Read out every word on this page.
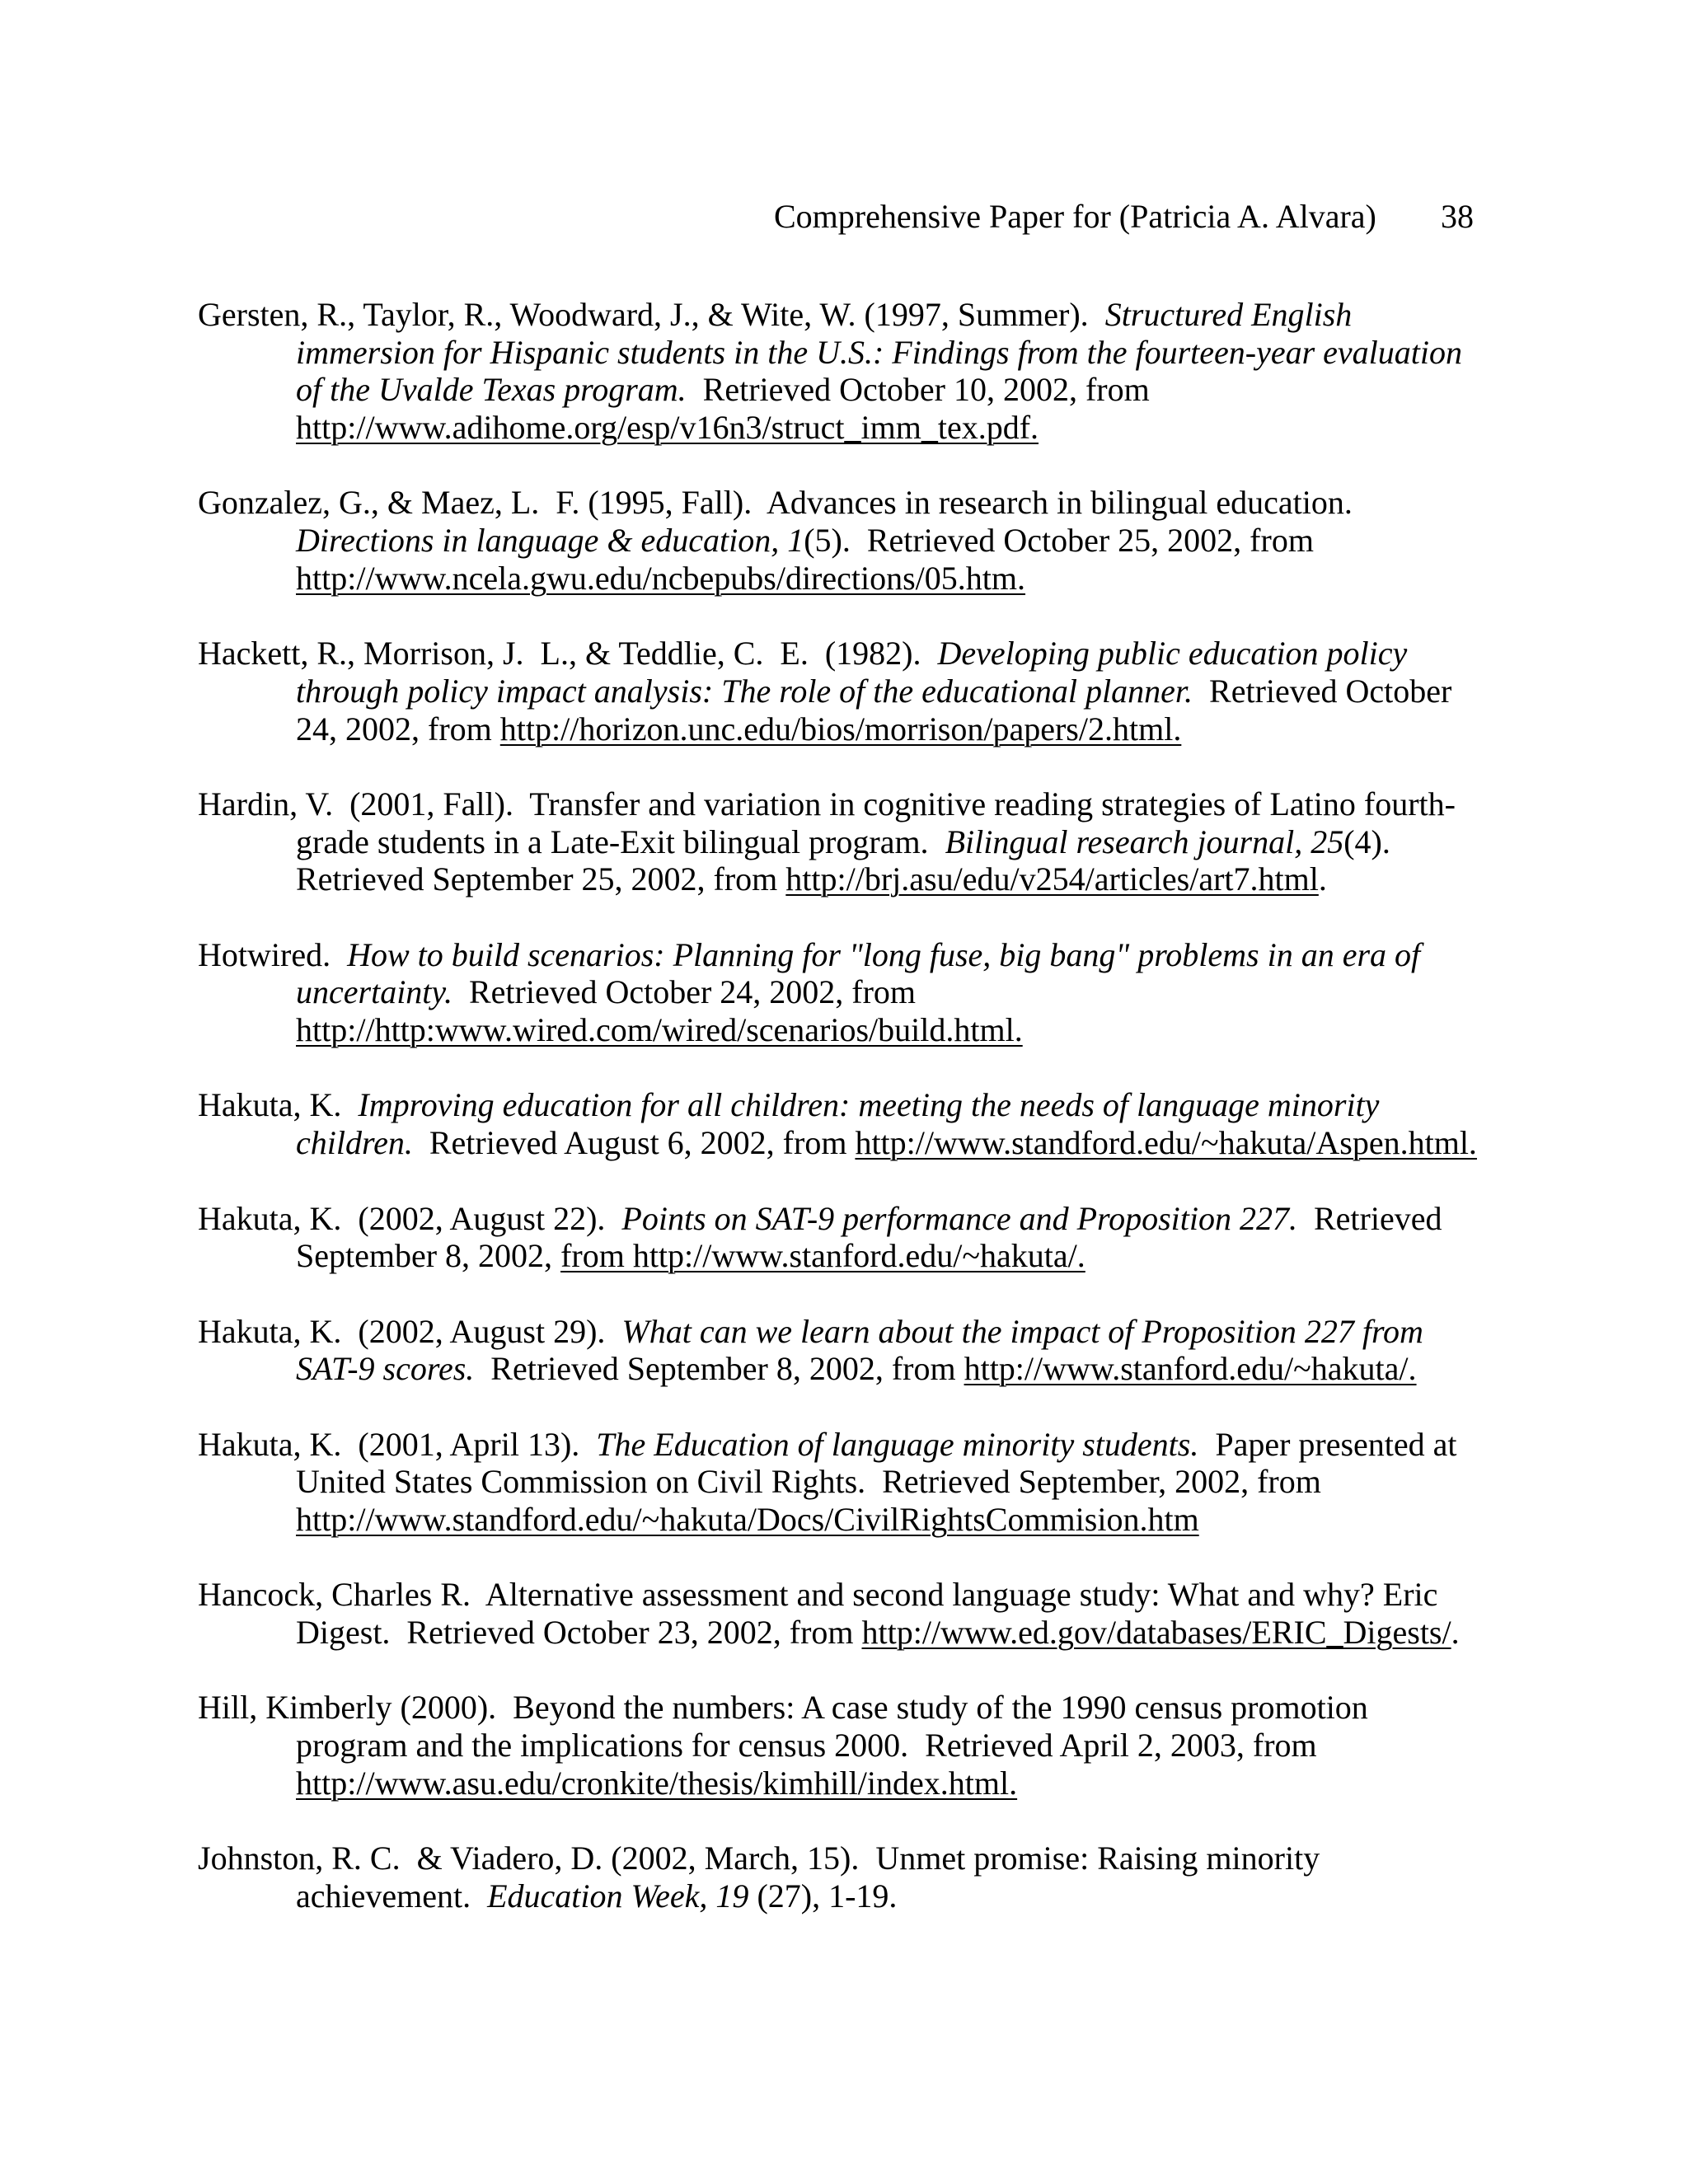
Comprehensive Paper for (Patricia A. Alvara) 38
Gersten, R., Taylor, R., Woodward, J., & Wite, W. (1997, Summer).  Structured English
immersion for Hispanic students in the U.S.: Findings from the fourteen-year evaluation
of the Uvalde Texas program.  Retrieved October 10, 2002, from
http://www.adihome.org/esp/v16n3/struct_imm_tex.pdf.
Gonzalez, G., & Maez, L.  F. (1995, Fall).  Advances in research in bilingual education.
Directions in language & education, 1(5).  Retrieved October 25, 2002, from
http://www.ncela.gwu.edu/ncbepubs/directions/05.htm.
Hackett, R., Morrison, J.  L., & Teddlie, C.  E.  (1982).  Developing public education policy
through policy impact analysis: The role of the educational planner.  Retrieved October
24, 2002, from http://horizon.unc.edu/bios/morrison/papers/2.html.
Hardin, V.  (2001, Fall).  Transfer and variation in cognitive reading strategies of Latino fourth-
grade students in a Late-Exit bilingual program.  Bilingual research journal, 25(4).
Retrieved September 25, 2002, from http://brj.asu/edu/v254/articles/art7.html.
Hotwired.  How to build scenarios: Planning for "long fuse, big bang" problems in an era of
uncertainty.  Retrieved October 24, 2002, from
http://http:www.wired.com/wired/scenarios/build.html.
Hakuta, K.  Improving education for all children: meeting the needs of language minority
children.  Retrieved August 6, 2002, from http://www.standford.edu/~hakuta/Aspen.html.
Hakuta, K.  (2002, August 22).  Points on SAT-9 performance and Proposition 227.  Retrieved
September 8, 2002, from http://www.stanford.edu/~hakuta/.
Hakuta, K.  (2002, August 29).  What can we learn about the impact of Proposition 227 from
SAT-9 scores.  Retrieved September 8, 2002, from http://www.stanford.edu/~hakuta/.
Hakuta, K.  (2001, April 13).  The Education of language minority students.  Paper presented at
United States Commission on Civil Rights.  Retrieved September, 2002, from
http://www.standford.edu/~hakuta/Docs/CivilRightsCommision.htm
Hancock, Charles R.  Alternative assessment and second language study: What and why? Eric
Digest.  Retrieved October 23, 2002, from http://www.ed.gov/databases/ERIC_Digests/.
Hill, Kimberly (2000).  Beyond the numbers: A case study of the 1990 census promotion
program and the implications for census 2000.  Retrieved April 2, 2003, from
http://www.asu.edu/cronkite/thesis/kimhill/index.html.
Johnston, R. C.  & Viadero, D. (2002, March, 15).  Unmet promise: Raising minority
achievement.  Education Week, 19 (27), 1-19.
